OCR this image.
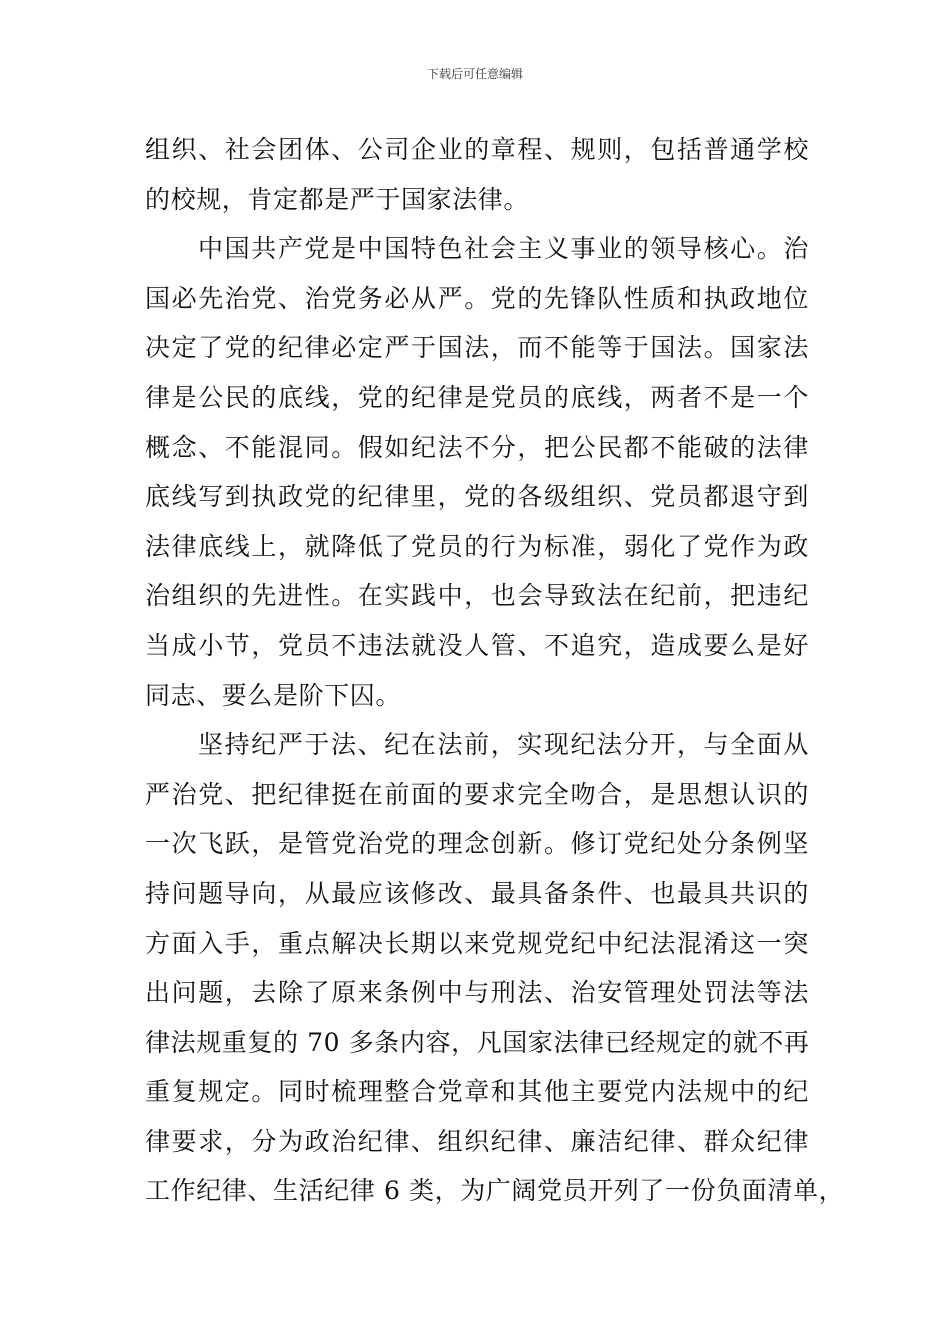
下载后可任意编辑
组织、社会团体、公司企业的章程、规则，包括普通学校
的校规，肯定都是严于国家法律。
中国共产党是中国特色社会主义事业的领导核心。治
国必先治党、治党务必从严。党的先锋队性质和执政地位
决定了党的纪律必定严于国法，而不能等于国法。国家法
律是公民的底线，党的纪律是党员的底线，两者不是一个
概念、不能混同。假如纪法不分，把公民都不能破的法律
底线写到执政党的纪律里，党的各级组织、党员都退守到
法律底线上，就降低了党员的行为标准，弱化了党作为政
治组织的先进性。在实践中，也会导致法在纪前，把违纪
当成小节，党员不违法就没人管、不追究，造成要么是好
同志、要么是阶下囚。
坚持纪严于法、纪在法前，实现纪法分开，与全面从
严治党、把纪律挺在前面的要求完全吻合，是思想认识的
一次飞跃，是管党治党的理念创新。修订党纪处分条例坚
持问题导向，从最应该修改、最具备条件、也最具共识的
方面入手，重点解决长期以来党规党纪中纪法混淆这一突
出问题，去除了原来条例中与刑法、治安管理处罚法等法
律法规重复的 70 多条内容，凡国家法律已经规定的就不再
重复规定。同时梳理整合党章和其他主要党内法规中的纪
律要求，分为政治纪律、组织纪律、廉洁纪律、群众纪律
工作纪律、生活纪律 6 类，为广阔党员开列了一份负面清单，
